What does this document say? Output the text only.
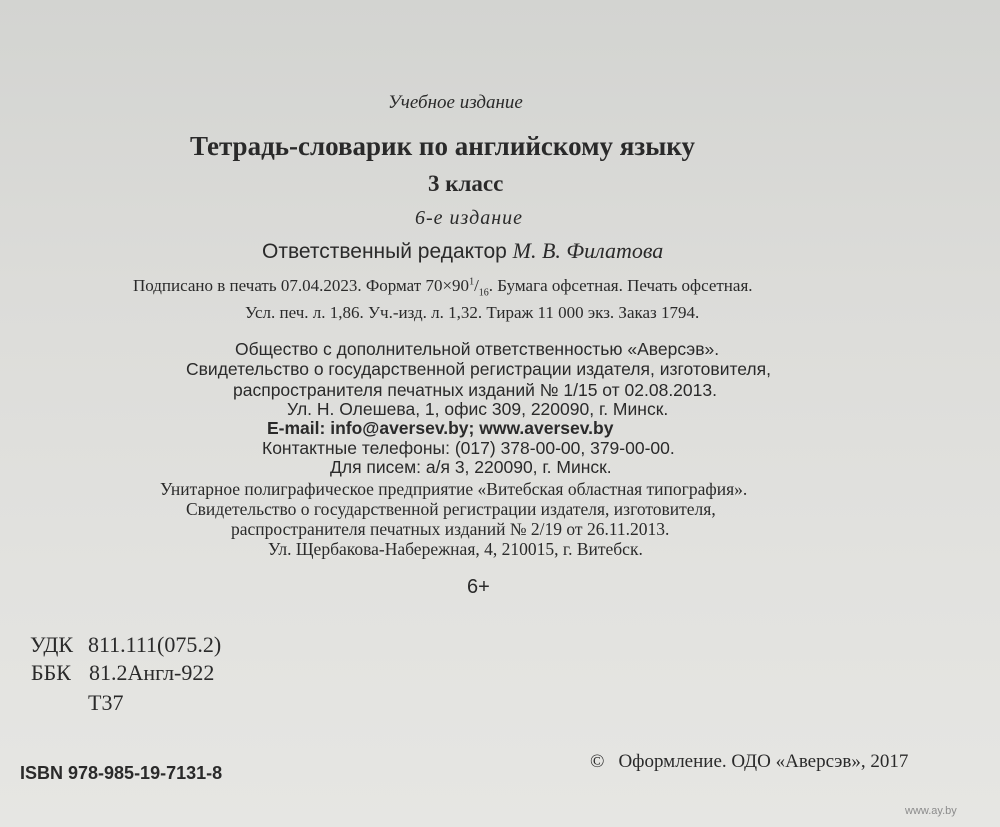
Учебное издание
Тетрадь-словарик по английскому языку
3 класс
6-е издание
Ответственный редактор М. В. Филатова
Подписано в печать 07.04.2023. Формат $70\times 90^1/_{16}$. Бумага офсетная. Печать офсетная.
Усл. печ. л. 1,86. Уч.-изд. л. 1,32. Тираж 11 000 экз. Заказ 1794.
Общество с дополнительной ответственностью «Аверсэв».
Свидетельство о государственной регистрации издателя, изготовителя,
распространителя печатных изданий № 1/15 от 02.08.2013.
Ул. Н. Олешева, 1, офис 309, 220090, г. Минск.
E-mail: info@aversev.by; www.aversev.by
Контактные телефоны: (017) 378-00-00, 379-00-00.
Для писем: а/я 3, 220090, г. Минск.
Унитарное полиграфическое предприятие «Витебская областная типография».
Свидетельство о государственной регистрации издателя, изготовителя,
распространителя печатных изданий № 2/19 от 26.11.2013.
Ул. Щербакова-Набережная, 4, 210015, г. Витебск.
6+
УДК 811.111(075.2)
ББК 81.2Англ-922
Т37
ISBN 978-985-19-7131-8
© Оформление. ОДО «Аверсэв», 2017
www.ay.by
